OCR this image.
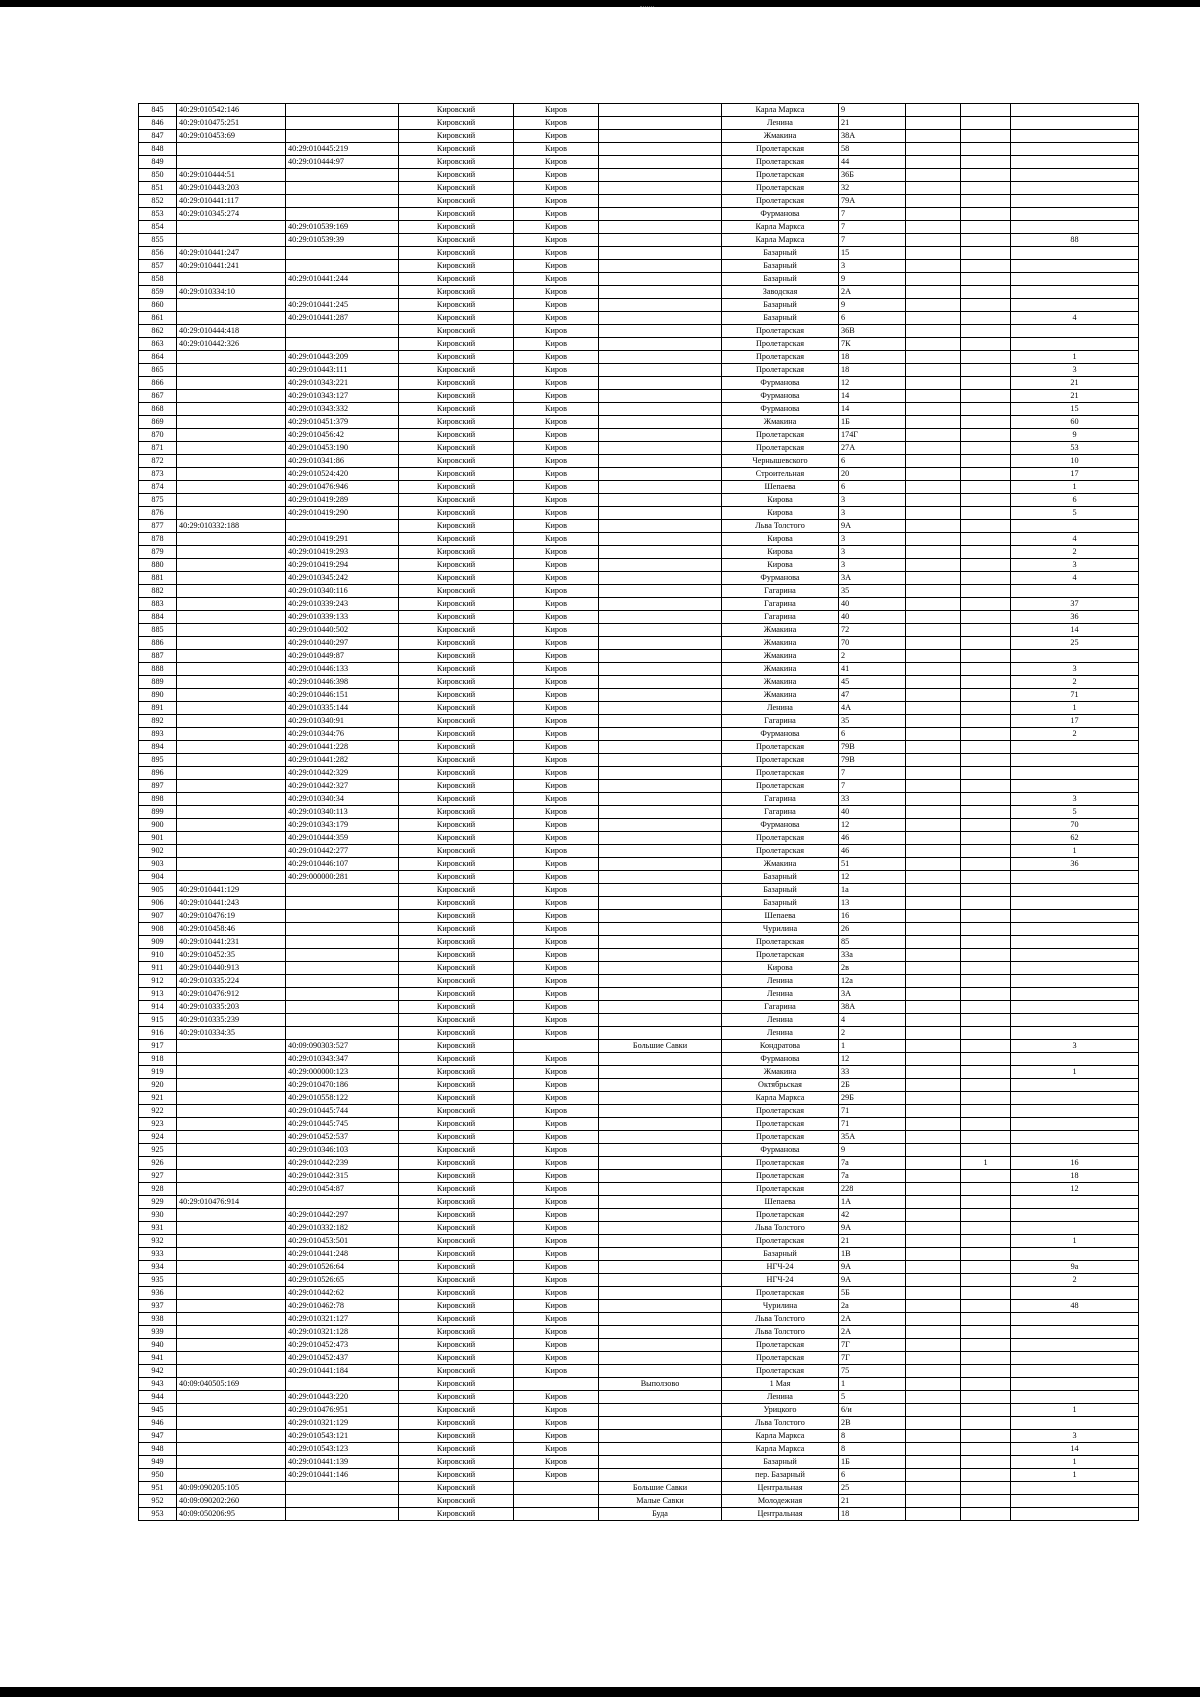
845	40:29:010542:146		Кировский	Киров		Карла Маркса	9			
846	40:29:010475:251		Кировский	Киров		Ленина	21			
847	40:29:010453:69		Кировский	Киров		Жмакина	38А			
848		40:29:010445:219	Кировский	Киров		Пролетарская	58			
849		40:29:010444:97	Кировский	Киров		Пролетарская	44			
850	40:29:010444:51		Кировский	Киров		Пролетарская	36Б			
851	40:29:010443:203		Кировский	Киров		Пролетарская	32			
852	40:29:010441:117		Кировский	Киров		Пролетарская	79А			
853	40:29:010345:274		Кировский	Киров		Фурманова	7			
854		40:29:010539:169	Кировский	Киров		Карла Маркса	7			
855		40:29:010539:39	Кировский	Киров		Карла Маркса	7			88
856	40:29:010441:247		Кировский	Киров		Базарный	15			
857	40:29:010441:241		Кировский	Киров		Базарный	3			
858		40:29:010441:244	Кировский	Киров		Базарный	9			
859	40:29:010334:10		Кировский	Киров		Заводская	2А			
860		40:29:010441:245	Кировский	Киров		Базарный	9			
861		40:29:010441:287	Кировский	Киров		Базарный	6			4
862	40:29:010444:418		Кировский	Киров		Пролетарская	36В			
863	40:29:010442:326		Кировский	Киров		Пролетарская	7К			
864		40:29:010443:209	Кировский	Киров		Пролетарская	18			1
865		40:29:010443:111	Кировский	Киров		Пролетарская	18			3
866		40:29:010343:221	Кировский	Киров		Фурманова	12			21
867		40:29:010343:127	Кировский	Киров		Фурманова	14			21
868		40:29:010343:332	Кировский	Киров		Фурманова	14			15
869		40:29:010451:379	Кировский	Киров		Жмакина	1Б			60
870		40:29:010456:42	Кировский	Киров		Пролетарская	174Г			9
871		40:29:010453:190	Кировский	Киров		Пролетарская	27А			53
872		40:29:010341:86	Кировский	Киров		Чернышевского	6			10
873		40:29:010524:420	Кировский	Киров		Строительная	20			17
874		40:29:010476:946	Кировский	Киров		Шепаева	6			1
875		40:29:010419:289	Кировский	Киров		Кирова	3			6
876		40:29:010419:290	Кировский	Киров		Кирова	3			5
877	40:29:010332:188		Кировский	Киров		Льва Толстого	9А			
878		40:29:010419:291	Кировский	Киров		Кирова	3			4
879		40:29:010419:293	Кировский	Киров		Кирова	3			2
880		40:29:010419:294	Кировский	Киров		Кирова	3			3
881		40:29:010345:242	Кировский	Киров		Фурманова	3А			4
882		40:29:010340:116	Кировский	Киров		Гагарина	35			
883		40:29:010339:243	Кировский	Киров		Гагарина	40			37
884		40:29:010339:133	Кировский	Киров		Гагарина	40			36
885		40:29:010440:502	Кировский	Киров		Жмакина	72			14
886		40:29:010440:297	Кировский	Киров		Жмакина	70			25
887		40:29:010449:87	Кировский	Киров		Жмакина	2			
888		40:29:010446:133	Кировский	Киров		Жмакина	41			3
889		40:29:010446:398	Кировский	Киров		Жмакина	45			2
890		40:29:010446:151	Кировский	Киров		Жмакина	47			71
891		40:29:010335:144	Кировский	Киров		Ленина	4А			1
892		40:29:010340:91	Кировский	Киров		Гагарина	35			17
893		40:29:010344:76	Кировский	Киров		Фурманова	6			2
894		40:29:010441:228	Кировский	Киров		Пролетарская	79В			
895		40:29:010441:282	Кировский	Киров		Пролетарская	79В			
896		40:29:010442:329	Кировский	Киров		Пролетарская	7			
897		40:29:010442:327	Кировский	Киров		Пролетарская	7			
898		40:29:010340:34	Кировский	Киров		Гагарина	33			3
899		40:29:010340:113	Кировский	Киров		Гагарина	40			5
900		40:29:010343:179	Кировский	Киров		Фурманова	12			70
901		40:29:010444:359	Кировский	Киров		Пролетарская	46			62
902		40:29:010442:277	Кировский	Киров		Пролетарская	46			1
903		40:29:010446:107	Кировский	Киров		Жмакина	51			36
904		40:29:000000:281	Кировский	Киров		Базарный	12			
905	40:29:010441:129		Кировский	Киров		Базарный	1а			
906	40:29:010441:243		Кировский	Киров		Базарный	13			
907	40:29:010476:19		Кировский	Киров		Шепаева	16			
908	40:29:010458:46		Кировский	Киров		Чурилина	26			
909	40:29:010441:231		Кировский	Киров		Пролетарская	85			
910	40:29:010452:35		Кировский	Киров		Пролетарская	33а			
911	40:29:010440:913		Кировский	Киров		Кирова	2в			
912	40:29:010335:224		Кировский	Киров		Ленина	12а			
913	40:29:010476:912		Кировский	Киров		Ленина	3А			
914	40:29:010335:203		Кировский	Киров		Гагарина	38А			
915	40:29:010335:239		Кировский	Киров		Ленина	4			
916	40:29:010334:35		Кировский	Киров		Ленина	2			
917		40:09:090303:527	Кировский		Большие Савки	Кондратова	1			3
918		40:29:010343:347	Кировский	Киров		Фурманова	12			
919		40:29:000000:123	Кировский	Киров		Жмакина	33			1
920		40:29:010470:186	Кировский	Киров		Октябрьская	2Б			
921		40:29:010558:122	Кировский	Киров		Карла Маркса	29Б			
922		40:29:010445:744	Кировский	Киров		Пролетарская	71			
923		40:29:010445:745	Кировский	Киров		Пролетарская	71			
924		40:29:010452:537	Кировский	Киров		Пролетарская	35А			
925		40:29:010346:103	Кировский	Киров		Фурманова	9			
926		40:29:010442:239	Кировский	Киров		Пролетарская	7а		1	16
927		40:29:010442:315	Кировский	Киров		Пролетарская	7а			18
928		40:29:010454:87	Кировский	Киров		Пролетарская	228			12
929	40:29:010476:914		Кировский	Киров		Шепаева	1А			
930		40:29:010442:297	Кировский	Киров		Пролетарская	42			
931		40:29:010332:182	Кировский	Киров		Льва Толстого	9А			
932		40:29:010453:501	Кировский	Киров		Пролетарская	21			1
933		40:29:010441:248	Кировский	Киров		Базарный	1В			
934		40:29:010526:64	Кировский	Киров		НГЧ-24	9А			9а
935		40:29:010526:65	Кировский	Киров		НГЧ-24	9А			2
936		40:29:010442:62	Кировский	Киров		Пролетарская	5Б			
937		40:29:010462:78	Кировский	Киров		Чурилина	2а			48
938		40:29:010321:127	Кировский	Киров		Льва Толстого	2А			
939		40:29:010321:128	Кировский	Киров		Льва Толстого	2А			
940		40:29:010452:473	Кировский	Киров		Пролетарская	7Г			
941		40:29:010452:437	Кировский	Киров		Пролетарская	7Г			
942		40:29:010441:184	Кировский	Киров		Пролетарская	75			
943	40:09:040505:169		Кировский		Выползово	1 Мая	1			
944		40:29:010443:220	Кировский	Киров		Ленина	5			
945		40:29:010476:951	Кировский	Киров		Урицкого	6/и			1
946		40:29:010321:129	Кировский	Киров		Льва Толстого	2В			
947		40:29:010543:121	Кировский	Киров		Карла Маркса	8			3
948		40:29:010543:123	Кировский	Киров		Карла Маркса	8			14
949		40:29:010441:139	Кировский	Киров		Базарный	1Б			1
950		40:29:010441:146	Кировский	Киров		пер. Базарный	6			1
951	40:09:090205:105		Кировский		Большие Савки	Центральная	25			
952	40:09:090202:260		Кировский		Малые Савки	Молодежная	21			
953	40:09:050206:95		Кировский		Буда	Центральная	18			
